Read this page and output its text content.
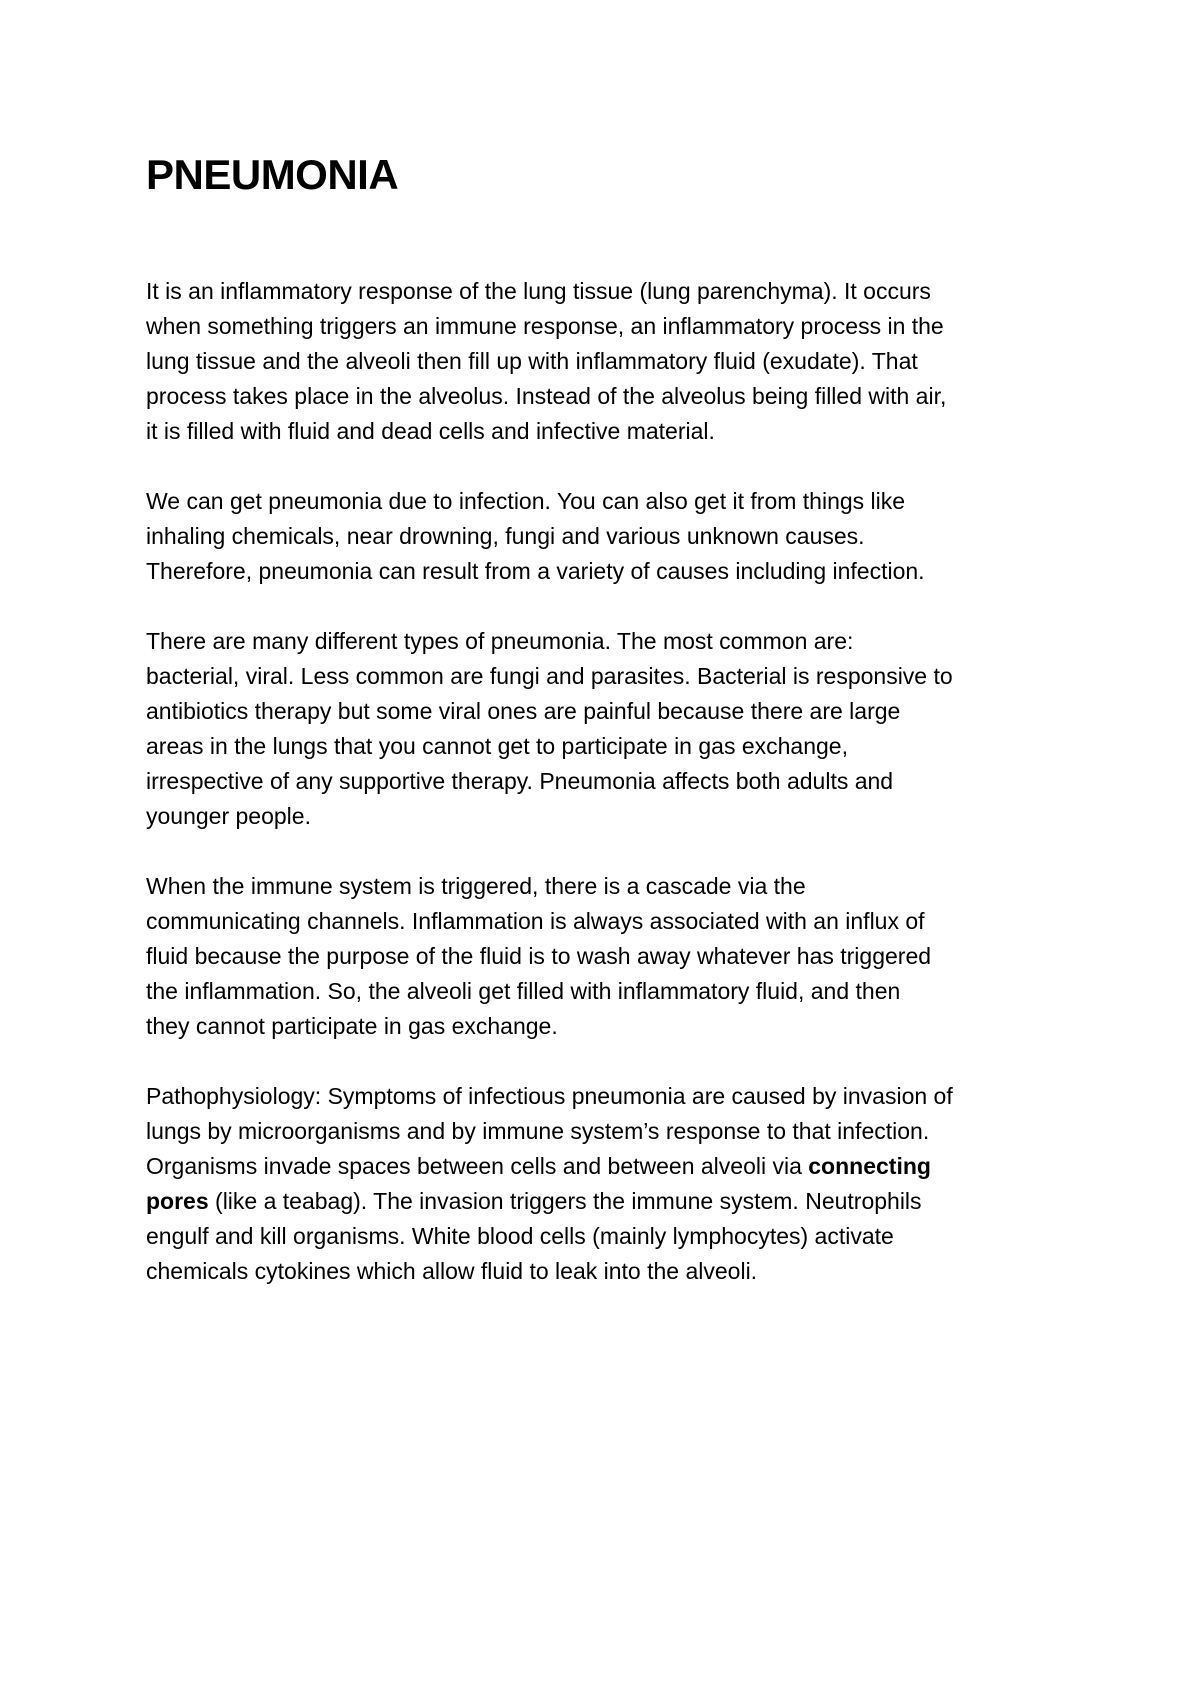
PNEUMONIA

It is an inflammatory response of the lung tissue (lung parenchyma). It occurs
when something triggers an immune response, an inflammatory process in the
lung tissue and the alveoli then fill up with inflammatory fluid (exudate). That
process takes place in the alveolus. Instead of the alveolus being filled with air,
it is filled with fluid and dead cells and infective material.

We can get pneumonia due to infection. You can also get it from things like
inhaling chemicals, near drowning, fungi and various unknown causes.
Therefore, pneumonia can result from a variety of causes including infection.

There are many different types of pneumonia. The most common are:
bacterial, viral. Less common are fungi and parasites. Bacterial is responsive to
antibiotics therapy but some viral ones are painful because there are large
areas in the lungs that you cannot get to participate in gas exchange,
irrespective of any supportive therapy. Pneumonia affects both adults and
younger people.

When the immune system is triggered, there is a cascade via the
communicating channels. Inflammation is always associated with an influx of
fluid because the purpose of the fluid is to wash away whatever has triggered
the inflammation. So, the alveoli get filled with inflammatory fluid, and then
they cannot participate in gas exchange.

Pathophysiology: Symptoms of infectious pneumonia are caused by invasion of
lungs by microorganisms and by immune system’s response to that infection.
Organisms invade spaces between cells and between alveoli via connecting
pores (like a teabag). The invasion triggers the immune system. Neutrophils
engulf and kill organisms. White blood cells (mainly lymphocytes) activate
chemicals cytokines which allow fluid to leak into the alveoli.
